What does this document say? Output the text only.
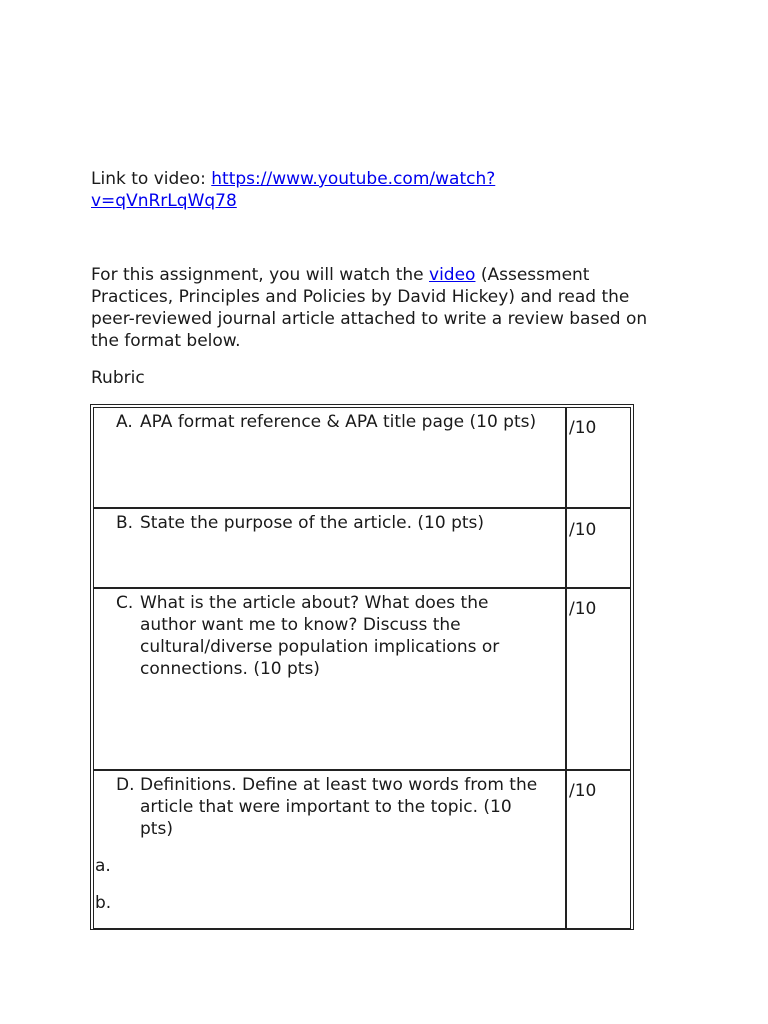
Link to video: https://www.youtube.com/watch?v=qVnRrLqWq78
For this assignment, you will watch the video (Assessment Practices, Principles and Policies by David Hickey) and read the peer-reviewed journal article attached to write a review based on the format below.
Rubric
A. APA format reference & APA title page (10 pts)	/10
B. State the purpose of the article. (10 pts)	/10
C. What is the article about? What does the author want me to know? Discuss the cultural/diverse population implications or connections. (10 pts)
/10
D. Definitions. Define at least two words from the article that were important to the topic. (10 pts)
a.
b.
/10
